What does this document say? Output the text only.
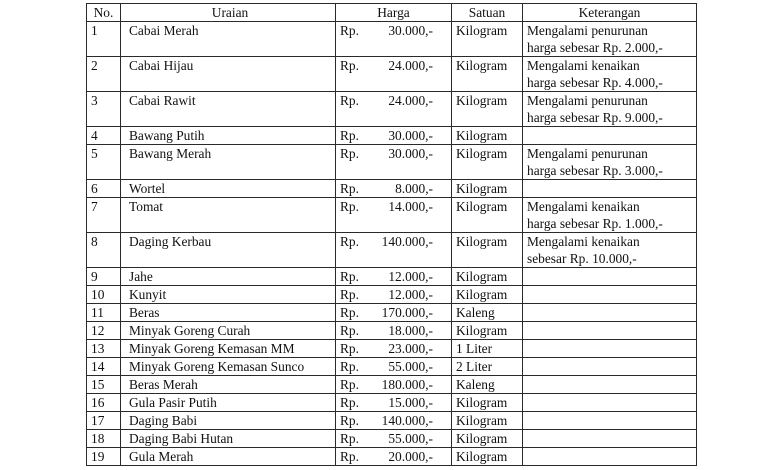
No.	Uraian	Harga	Satuan	Keterangan
1	Cabai Merah	Rp. 30.000,-	Kilogram	Mengalami penurunan
harga sebesar Rp. 2.000,-

2	Cabai Hijau	Rp. 24.000,-	Kilogram	Mengalami kenaikan
harga sebesar Rp. 4.000,-

3	Cabai Rawit	Rp. 24.000,-	Kilogram	Mengalami penurunan
harga sebesar Rp. 9.000,-

4	Bawang Putih	Rp. 30.000,-	Kilogram	

5	Bawang Merah	Rp. 30.000,-	Kilogram	Mengalami penurunan
harga sebesar Rp. 3.000,-

6	Wortel	Rp. 8.000,-	Kilogram	

7	Tomat	Rp. 14.000,-	Kilogram	Mengalami kenaikan
harga sebesar Rp. 1.000,-

8	Daging Kerbau	Rp. 140.000,-	Kilogram	Mengalami kenaikan
sebesar Rp. 10.000,-

9	Jahe	Rp. 12.000,-	Kilogram	

10	Kunyit	Rp. 12.000,-	Kilogram	

11	Beras	Rp. 170.000,-	Kaleng	

12	Minyak Goreng Curah	Rp. 18.000,-	Kilogram	

13	Minyak Goreng Kemasan MM	Rp. 23.000,-	1 Liter	

14	Minyak Goreng Kemasan Sunco	Rp. 55.000,-	2 Liter	

15	Beras Merah	Rp. 180.000,-	Kaleng	

16	Gula Pasir Putih	Rp. 15.000,-	Kilogram	

17	Daging Babi	Rp. 140.000,-	Kilogram	

18	Daging Babi Hutan	Rp. 55.000,-	Kilogram	

19	Gula Merah	Rp. 20.000,-	Kilogram	
